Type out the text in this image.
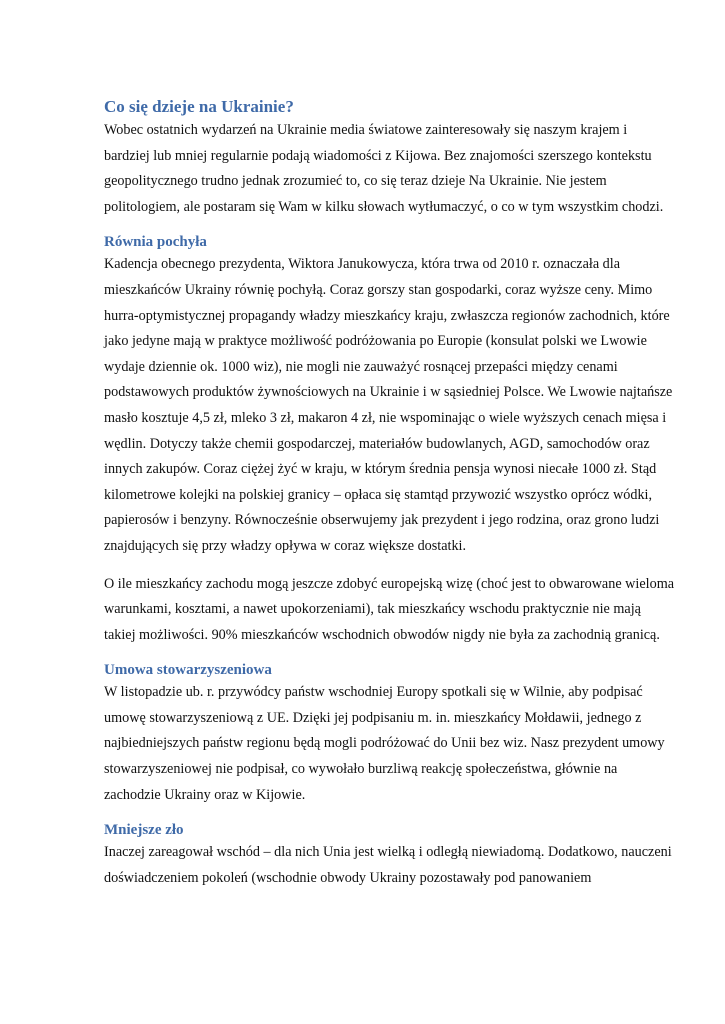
Co się dzieje na Ukrainie?

Wobec ostatnich wydarzeń na Ukrainie media światowe zainteresowały się naszym krajem i bardziej lub mniej regularnie podają wiadomości z Kijowa. Bez znajomości szerszego kontekstu geopolitycznego trudno jednak zrozumieć to, co się teraz dzieje Na Ukrainie. Nie jestem politologiem, ale postaram się Wam w kilku słowach wytłumaczyć, o co w tym wszystkim chodzi.

Równia pochyła

Kadencja obecnego prezydenta, Wiktora Janukowycza, która trwa od 2010 r. oznaczała dla mieszkańców Ukrainy równię pochyłą. Coraz gorszy stan gospodarki, coraz wyższe ceny. Mimo hurra-optymistycznej propagandy władzy mieszkańcy kraju, zwłaszcza regionów zachodnich, które jako jedyne mają w praktyce możliwość podróżowania po Europie (konsulat polski we Lwowie wydaje dziennie ok. 1000 wiz), nie mogli nie zauważyć rosnącej przepaści między cenami podstawowych produktów żywnościowych na Ukrainie i w sąsiedniej Polsce. We Lwowie najtańsze masło kosztuje 4,5 zł, mleko 3 zł, makaron 4 zł, nie wspominając o wiele wyższych cenach mięsa i wędlin. Dotyczy także chemii gospodarczej, materiałów budowlanych, AGD, samochodów oraz innych zakupów. Coraz ciężej żyć w kraju, w którym średnia pensja wynosi niecałe 1000 zł. Stąd kilometrowe kolejki na polskiej granicy – opłaca się stamtąd przywozić wszystko oprócz wódki, papierosów i benzyny. Równocześnie obserwujemy jak prezydent i jego rodzina, oraz grono ludzi znajdujących się przy władzy opływa w coraz większe dostatki.

O ile mieszkańcy zachodu mogą jeszcze zdobyć europejską wizę (choć jest to obwarowane wieloma warunkami, kosztami, a nawet upokorzeniami), tak mieszkańcy wschodu praktycznie nie mają takiej możliwości. 90% mieszkańców wschodnich obwodów nigdy nie była za zachodnią granicą.

Umowa stowarzyszeniowa

W listopadzie ub. r. przywódcy państw wschodniej Europy spotkali się w Wilnie, aby podpisać umowę stowarzyszeniową z UE. Dzięki jej podpisaniu m. in. mieszkańcy Mołdawii, jednego z najbiedniejszych państw regionu będą mogli podróżować do Unii bez wiz. Nasz prezydent umowy stowarzyszeniowej nie podpisał, co wywołało burzliwą reakcję społeczeństwa, głównie na zachodzie Ukrainy oraz w Kijowie.

Mniejsze zło

Inaczej zareagował wschód – dla nich Unia jest wielką i odległą niewiadomą. Dodatkowo, nauczeni doświadczeniem pokoleń (wschodnie obwody Ukrainy pozostawały pod panowaniem
